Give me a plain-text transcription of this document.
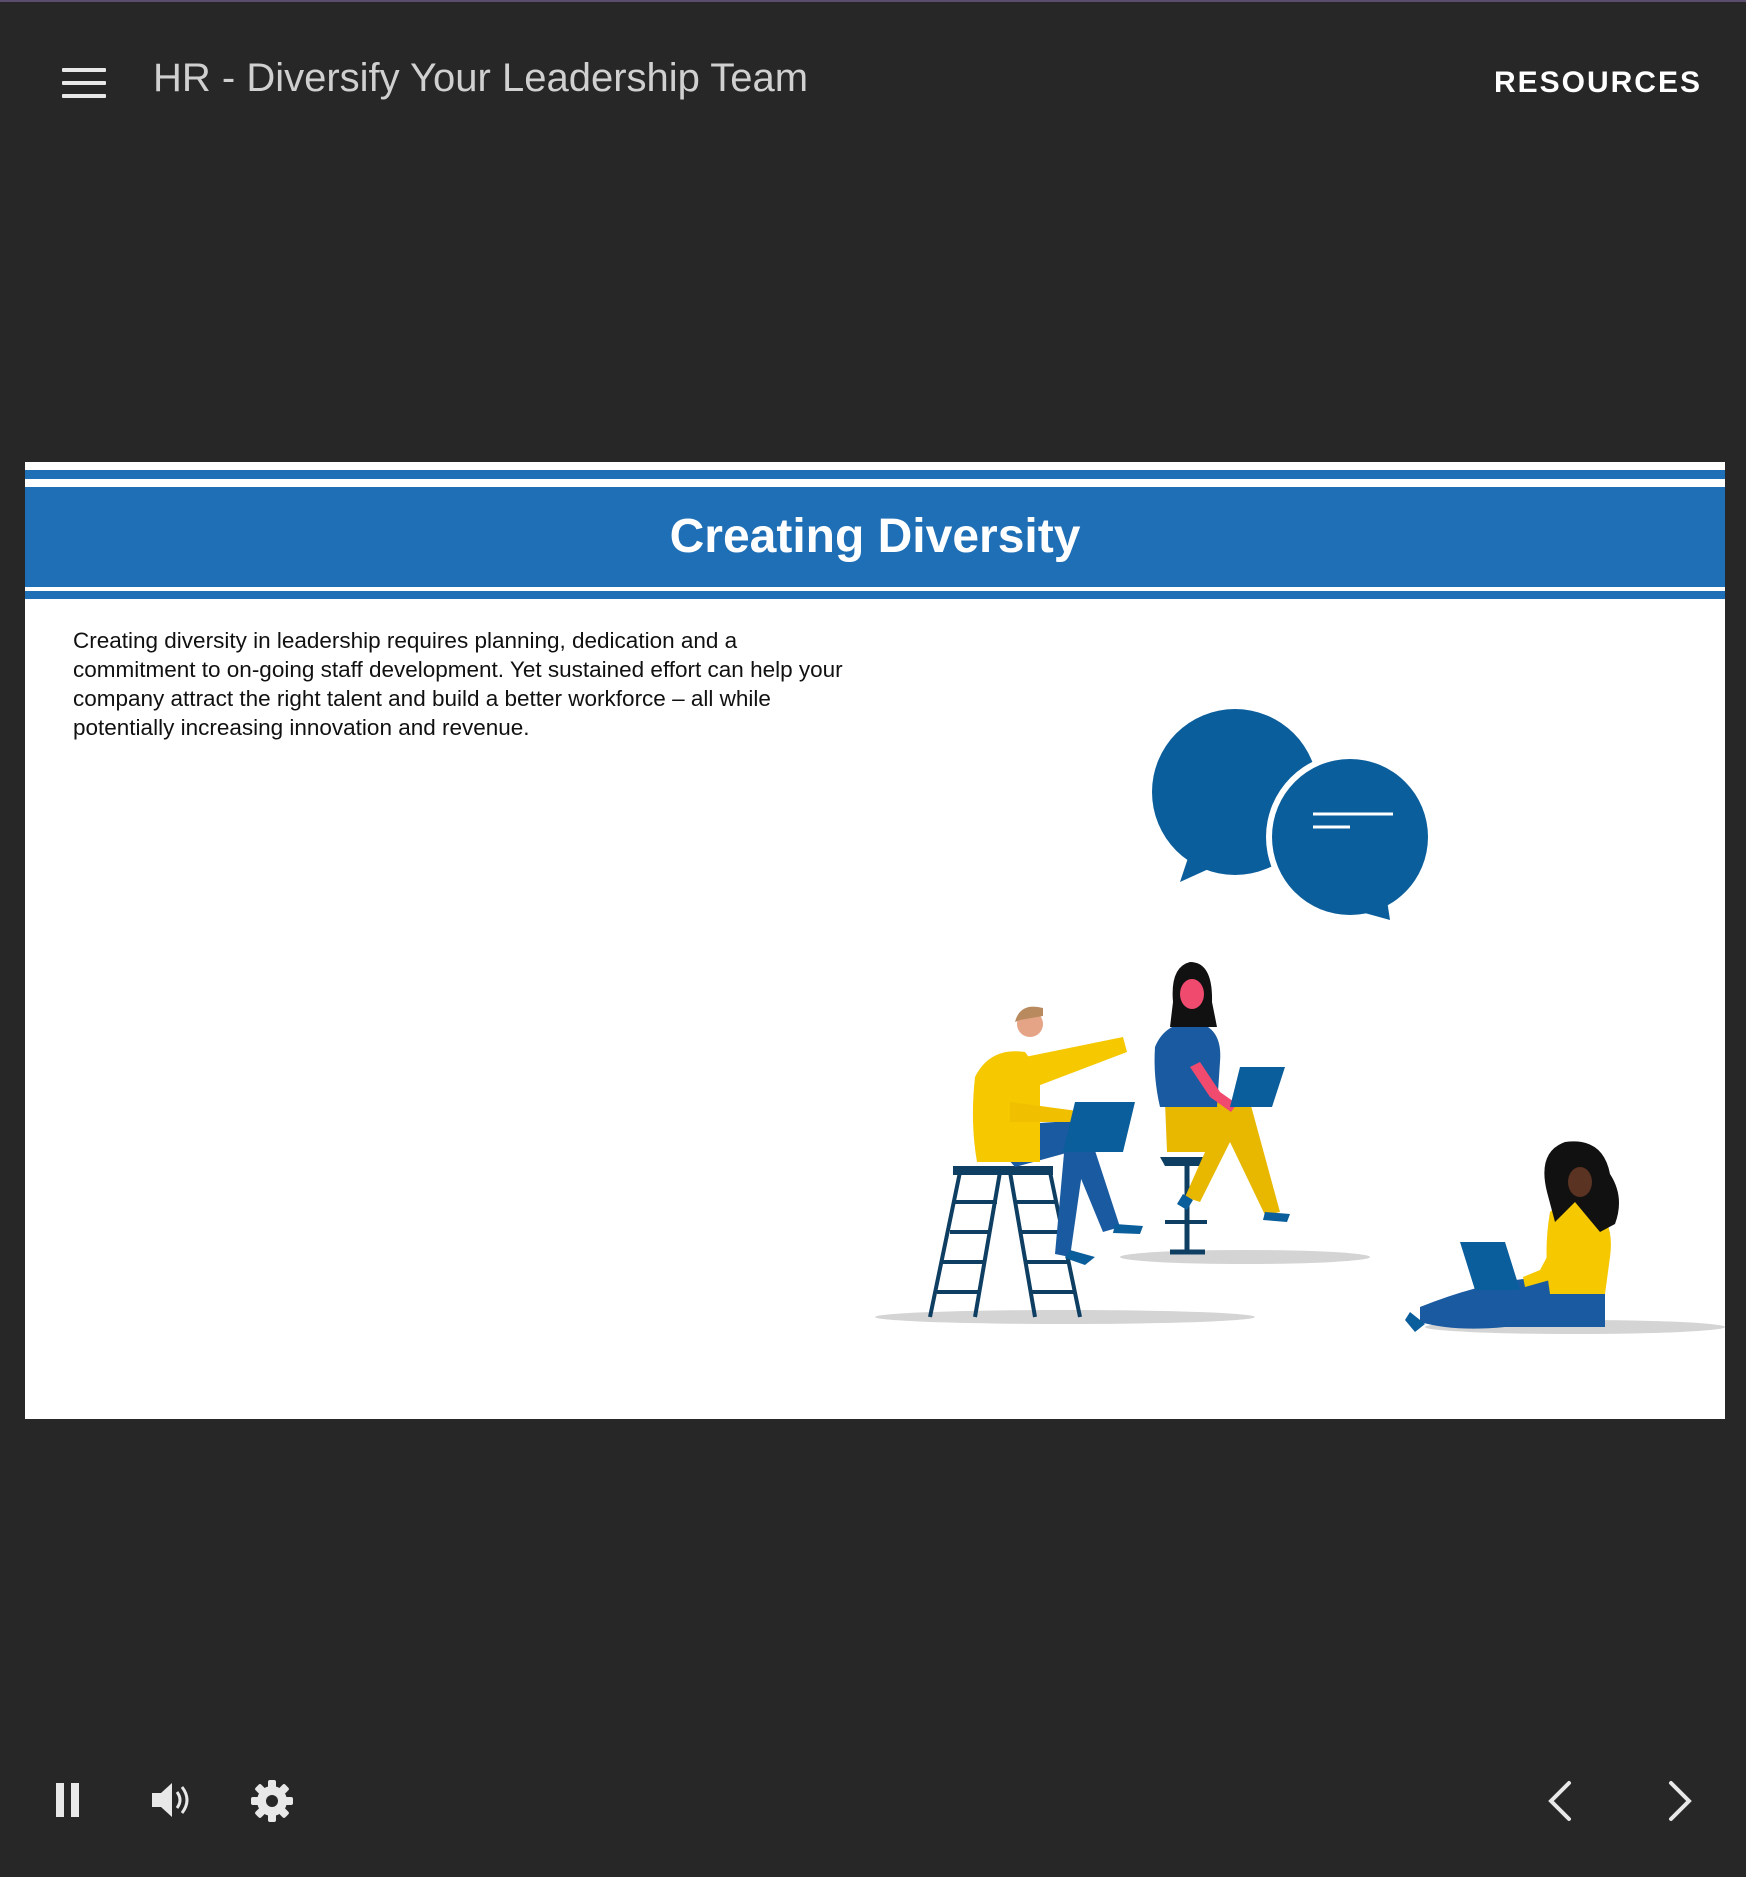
HR - Diversify Your Leadership Team	RESOURCES
Creating Diversity
Creating diversity in leadership requires planning, dedication and a commitment to on-going staff development. Yet sustained effort can help your company attract the right talent and build a better workforce – all while potentially increasing innovation and revenue.
